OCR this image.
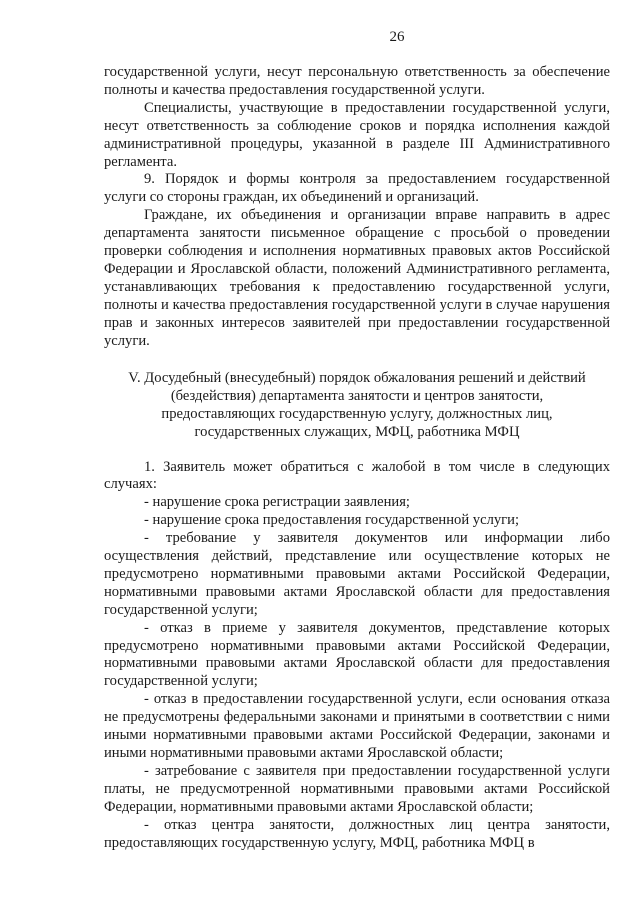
26

государственной услуги, несут персональную ответственность за обеспечение полноты и качества предоставления государственной услуги.

Специалисты, участвующие в предоставлении государственной услуги, несут ответственность за соблюдение сроков и порядка исполнения каждой административной процедуры, указанной в разделе III Административного регламента.

9. Порядок и формы контроля за предоставлением государственной услуги со стороны граждан, их объединений и организаций.

Граждане, их объединения и организации вправе направить в адрес департамента занятости письменное обращение с просьбой о проведении проверки соблюдения и исполнения нормативных правовых актов Российской Федерации и Ярославской области, положений Административного регламента, устанавливающих требования к предоставлению государственной услуги, полноты и качества предоставления государственной услуги в случае нарушения прав и законных интересов заявителей при предоставлении государственной услуги.

V. Досудебный (внесудебный) порядок обжалования решений и действий
(бездействия) департамента занятости и центров занятости,
предоставляющих государственную услугу, должностных лиц,
государственных служащих, МФЦ, работника МФЦ

1. Заявитель может обратиться с жалобой в том числе в следующих случаях:

- нарушение срока регистрации заявления;

- нарушение срока предоставления государственной услуги;

- требование у заявителя документов или информации либо осуществления действий, представление или осуществление которых не предусмотрено нормативными правовыми актами Российской Федерации, нормативными правовыми актами Ярославской области для предоставления государственной услуги;

- отказ в приеме у заявителя документов, представление которых предусмотрено нормативными правовыми актами Российской Федерации, нормативными правовыми актами Ярославской области для предоставления государственной услуги;

- отказ в предоставлении государственной услуги, если основания отказа не предусмотрены федеральными законами и принятыми в соответствии с ними иными нормативными правовыми актами Российской Федерации, законами и иными нормативными правовыми актами Ярославской области;

- затребование с заявителя при предоставлении государственной услуги платы, не предусмотренной нормативными правовыми актами Российской Федерации, нормативными правовыми актами Ярославской области;

- отказ центра занятости, должностных лиц центра занятости, предоставляющих государственную услугу, МФЦ, работника МФЦ в
